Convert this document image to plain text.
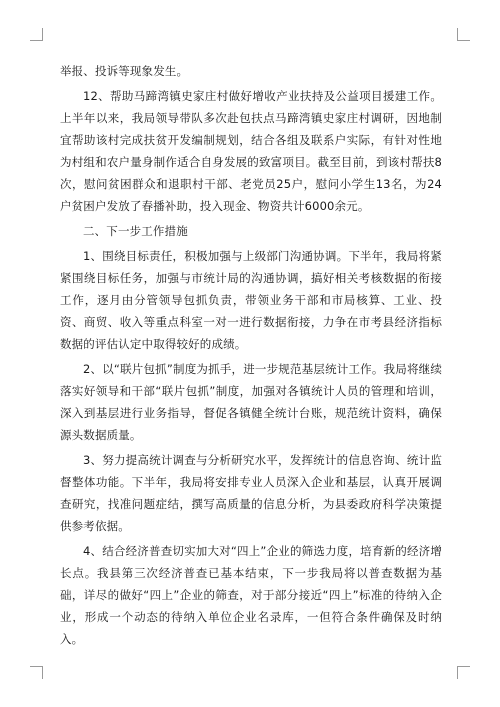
举报、投诉等现象发生。

12、帮助马蹄湾镇史家庄村做好增收产业扶持及公益项目援建工作。上半年以来，我局领导带队多次赴包扶点马蹄湾镇史家庄村调研，因地制宜帮助该村完成扶贫开发编制规划，结合各组及联系户实际，有针对性地为村组和农户量身制作适合自身发展的致富项目。截至目前，到该村帮扶8次，慰问贫困群众和退职村干部、老党员25户，慰问小学生13名，为24户贫困户发放了春播补助，投入现金、物资共计6000余元。

二、下一步工作措施

1、围绕目标责任，积极加强与上级部门沟通协调。下半年，我局将紧紧围绕目标任务，加强与市统计局的沟通协调，搞好相关考核数据的衔接工作，逐月由分管领导包抓负责，带领业务干部和市局核算、工业、投资、商贸、收入等重点科室一对一进行数据衔接，力争在市考县经济指标数据的评估认定中取得较好的成绩。

2、以“联片包抓”制度为抓手，进一步规范基层统计工作。我局将继续落实好领导和干部“联片包抓”制度，加强对各镇统计人员的管理和培训，深入到基层进行业务指导，督促各镇健全统计台账，规范统计资料，确保源头数据质量。

3、努力提高统计调查与分析研究水平，发挥统计的信息咨询、统计监督整体功能。下半年，我局将安排专业人员深入企业和基层，认真开展调查研究，找准问题症结，撰写高质量的信息分析，为县委政府科学决策提供参考依据。

4、结合经济普查切实加大对“四上”企业的筛选力度，培育新的经济增长点。我县第三次经济普查已基本结束，下一步我局将以普查数据为基础，详尽的做好“四上”企业的筛查，对于部分接近“四上”标准的待纳入企业，形成一个动态的待纳入单位企业名录库，一但符合条件确保及时纳入。
